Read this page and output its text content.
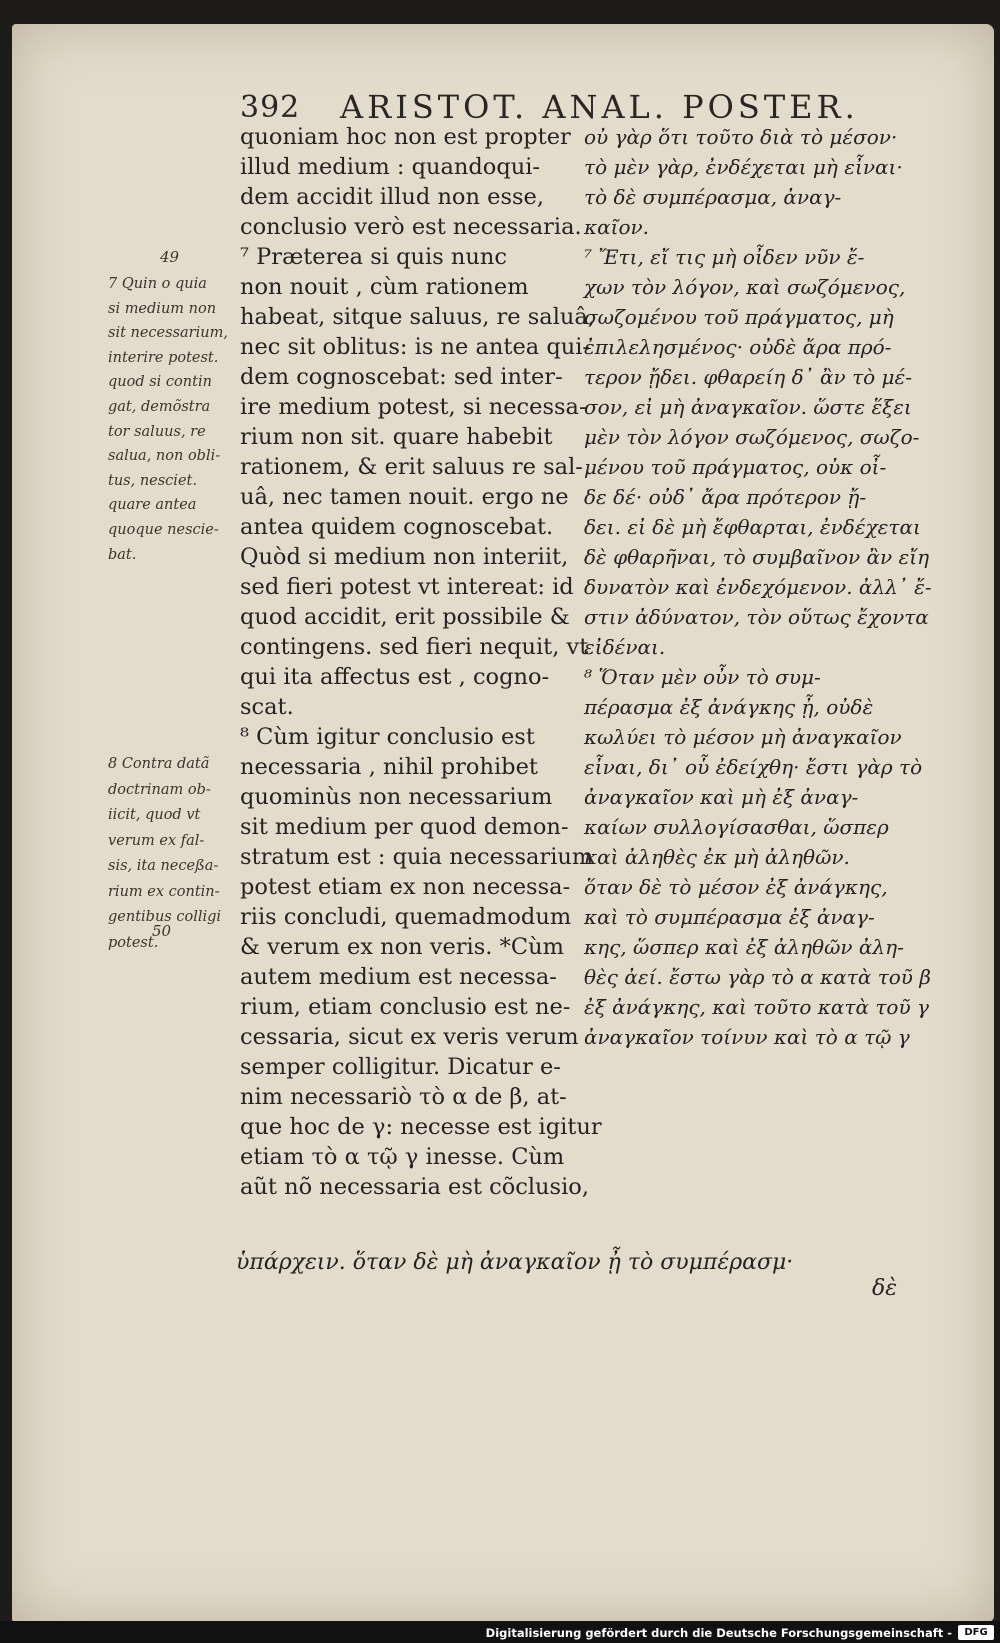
392 ARISTOT. ANAL. POSTER.
49
7 Quin o quia
si medium non
sit necessarium,
interire potest.
quod si contin
gat, demõstra
tor saluus, re
salua, non obli-
tus, nesciet.
quare antea
quoque nescie-
bat.
8 Contra datã
doctrinam ob-
iicit, quod vt
verum ex fal-
sis, ita neceßa-
rium ex contin-
gentibus colligi
potest.
50
quoniam hoc non est propter
illud medium : quandoqui-
dem accidit illud non esse,
conclusio verò est necessaria.
⁷ Præterea si quis nunc
non nouit , cùm rationem
habeat, sitque saluus, re saluâ,
nec sit oblitus: is ne antea qui-
dem cognoscebat: sed inter-
ire medium potest, si necessa-
rium non sit. quare habebit
rationem, & erit saluus re sal-
uâ, nec tamen nouit. ergo ne
antea quidem cognoscebat.
Quòd si medium non interiit,
sed fieri potest vt intereat: id
quod accidit, erit possibile &
contingens. sed fieri nequit, vt
qui ita affectus est , cogno-
scat.
⁸ Cùm igitur conclusio est
necessaria , nihil prohibet
quominùs non necessarium
sit medium per quod demon-
stratum est : quia necessarium
potest etiam ex non necessa-
riis concludi, quemadmodum
& verum ex non veris. *Cùm
autem medium est necessa-
rium, etiam conclusio est ne-
cessaria, sicut ex veris verum
semper colligitur. Dicatur e-
nim necessariò τὸ α de β, at-
que hoc de γ: necesse est igitur
etiam τὸ α τῷ γ inesse. Cùm
aũt nõ necessaria est cõclusio,
οὐ γὰρ ὅτι τοῦτο διὰ τὸ μέσον·
τὸ μὲν γὰρ, ἐνδέχεται μὴ εἶναι·
τὸ δὲ συμπέρασμα, ἀναγ-
καῖον.
⁷ Ἔτι, εἴ τις μὴ οἶδεν νῦν ἔ-
χων τὸν λόγον, καὶ σωζόμενος,
σωζομένου τοῦ πράγματος, μὴ
ἐπιλελησμένος· οὐδὲ ἄρα πρό-
τερον ᾔδει. φθαρείη δ᾽ ἂν τὸ μέ-
σον, εἰ μὴ ἀναγκαῖον. ὥστε ἕξει
μὲν τὸν λόγον σωζόμενος, σωζο-
μένου τοῦ πράγματος, οὐκ οἶ-
δε δέ· οὐδ᾽ ἄρα πρότερον ᾔ-
δει. εἰ δὲ μὴ ἔφθαρται, ἐνδέχεται
δὲ φθαρῆναι, τὸ συμβαῖνον ἂν εἴη
δυνατὸν καὶ ἐνδεχόμενον. ἀλλ᾽ ἔ-
στιν ἀδύνατον, τὸν οὕτως ἔχοντα
εἰδέναι.
⁸ Ὅταν μὲν οὖν τὸ συμ-
πέρασμα ἐξ ἀνάγκης ᾖ, οὐδὲ
κωλύει τὸ μέσον μὴ ἀναγκαῖον
εἶναι, δι᾽ οὗ ἐδείχθη· ἔστι γὰρ τὸ
ἀναγκαῖον καὶ μὴ ἐξ ἀναγ-
καίων συλλογίσασθαι, ὥσπερ
καὶ ἀληθὲς ἐκ μὴ ἀληθῶν.
ὅταν δὲ τὸ μέσον ἐξ ἀνάγκης,
καὶ τὸ συμπέρασμα ἐξ ἀναγ-
κης, ὥσπερ καὶ ἐξ ἀληθῶν ἀλη-
θὲς ἀεί. ἔστω γὰρ τὸ α κατὰ τοῦ β
ἐξ ἀνάγκης, καὶ τοῦτο κατὰ τοῦ γ
ἀναγκαῖον τοίνυν καὶ τὸ α τῷ γ
ὑπάρχειν. ὅταν δὲ μὴ ἀναγκαῖον ᾖ τὸ συμπέρασμ·
δὲ
Digitalisierung gefördert durch die Deutsche Forschungsgemeinschaft -	DFG
